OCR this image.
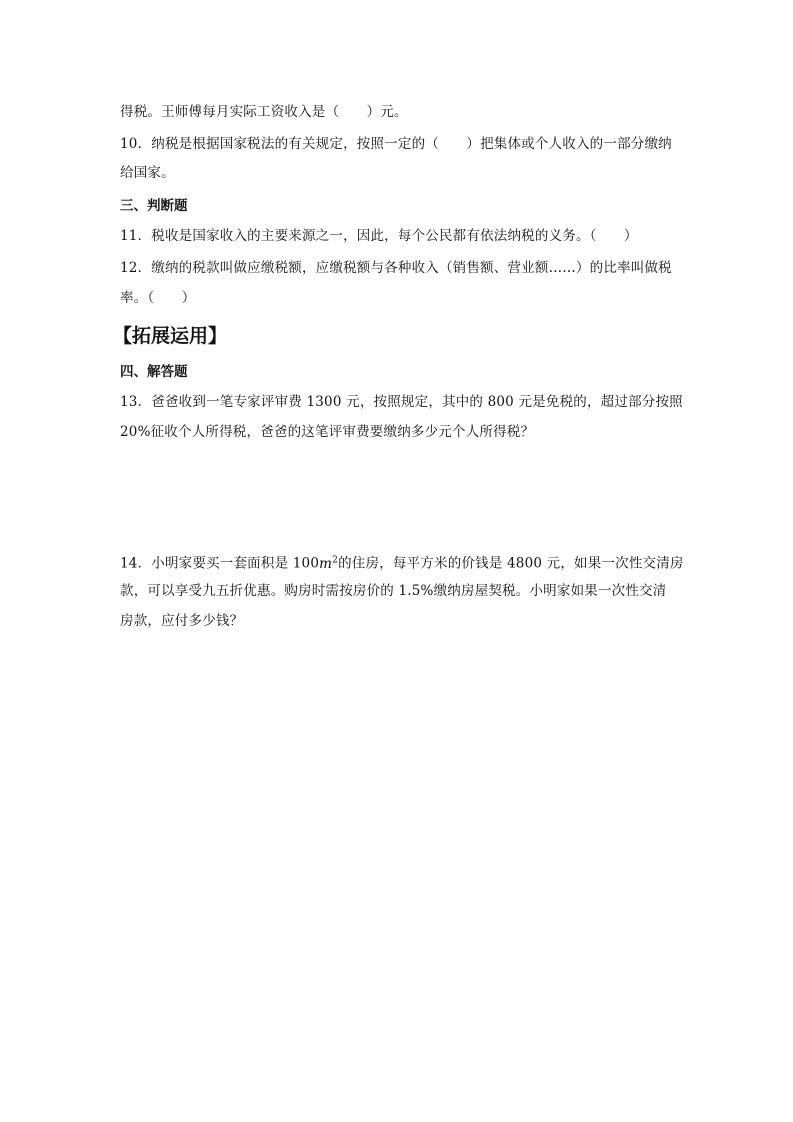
得税。王师傅每月实际工资收入是（　　）元。
10．纳税是根据国家税法的有关规定，按照一定的（　　）把集体或个人收入的一部分缴纳
给国家。
三、判断题
11．税收是国家收入的主要来源之一，因此，每个公民都有依法纳税的义务。（　　）
12．缴纳的税款叫做应缴税额，应缴税额与各种收入（销售额、营业额……）的比率叫做税
率。（　　）
【拓展运用】
四、解答题
13．爸爸收到一笔专家评审费 1300 元，按照规定，其中的 800 元是免税的，超过部分按照
20%征收个人所得税，爸爸的这笔评审费要缴纳多少元个人所得税？
14．小明家要买一套面积是 $100m^2$的住房，每平方米的价钱是 4800 元，如果一次性交清房
款，可以享受九五折优惠。购房时需按房价的 1.5%缴纳房屋契税。小明家如果一次性交清
房款，应付多少钱？
